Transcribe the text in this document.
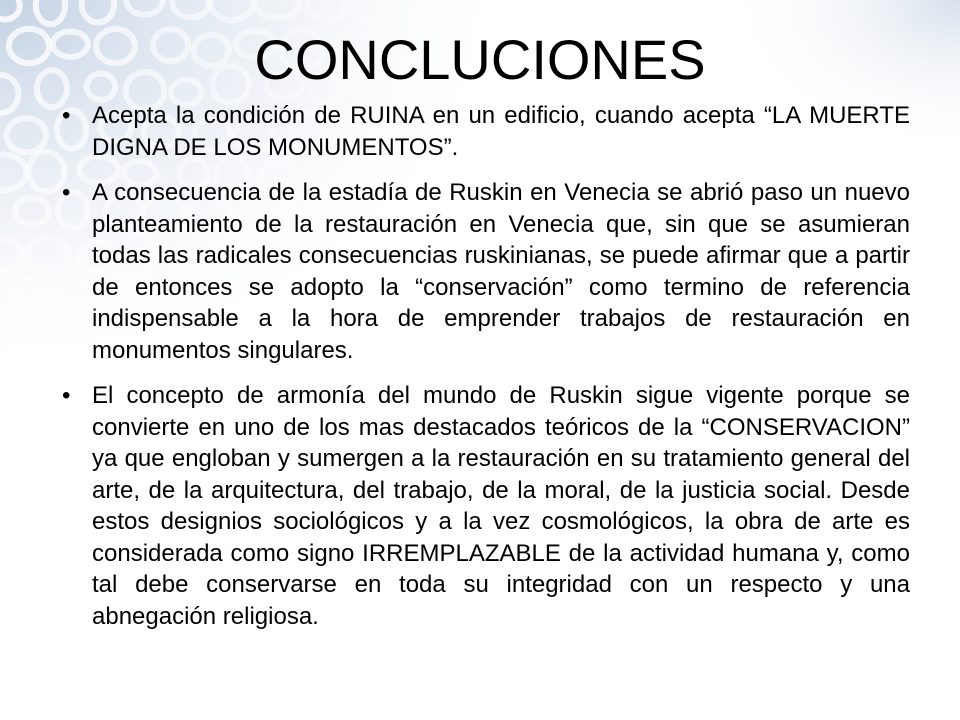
CONCLUCIONES
• Acepta la condición de RUINA en un edificio, cuando acepta “LA MUERTE DIGNA DE LOS MONUMENTOS”.
• A consecuencia de la estadía de Ruskin en Venecia se abrió paso un nuevo planteamiento de la restauración en Venecia que, sin que se asumieran todas las radicales consecuencias ruskinianas, se puede afirmar que a partir de entonces se adopto la “conservación” como termino de referencia indispensable a la hora de emprender trabajos de restauración en monumentos singulares.
• El concepto de armonía del mundo de Ruskin sigue vigente porque se convierte en uno de los mas destacados teóricos de la “CONSERVACION” ya que engloban y sumergen a la restauración en su tratamiento general del arte, de la arquitectura, del trabajo, de la moral, de la justicia social. Desde estos designios sociológicos y a la vez cosmológicos, la obra de arte es considerada como signo IRREMPLAZABLE de la actividad humana y, como tal debe conservarse en toda su integridad con un respecto y una abnegación religiosa.
